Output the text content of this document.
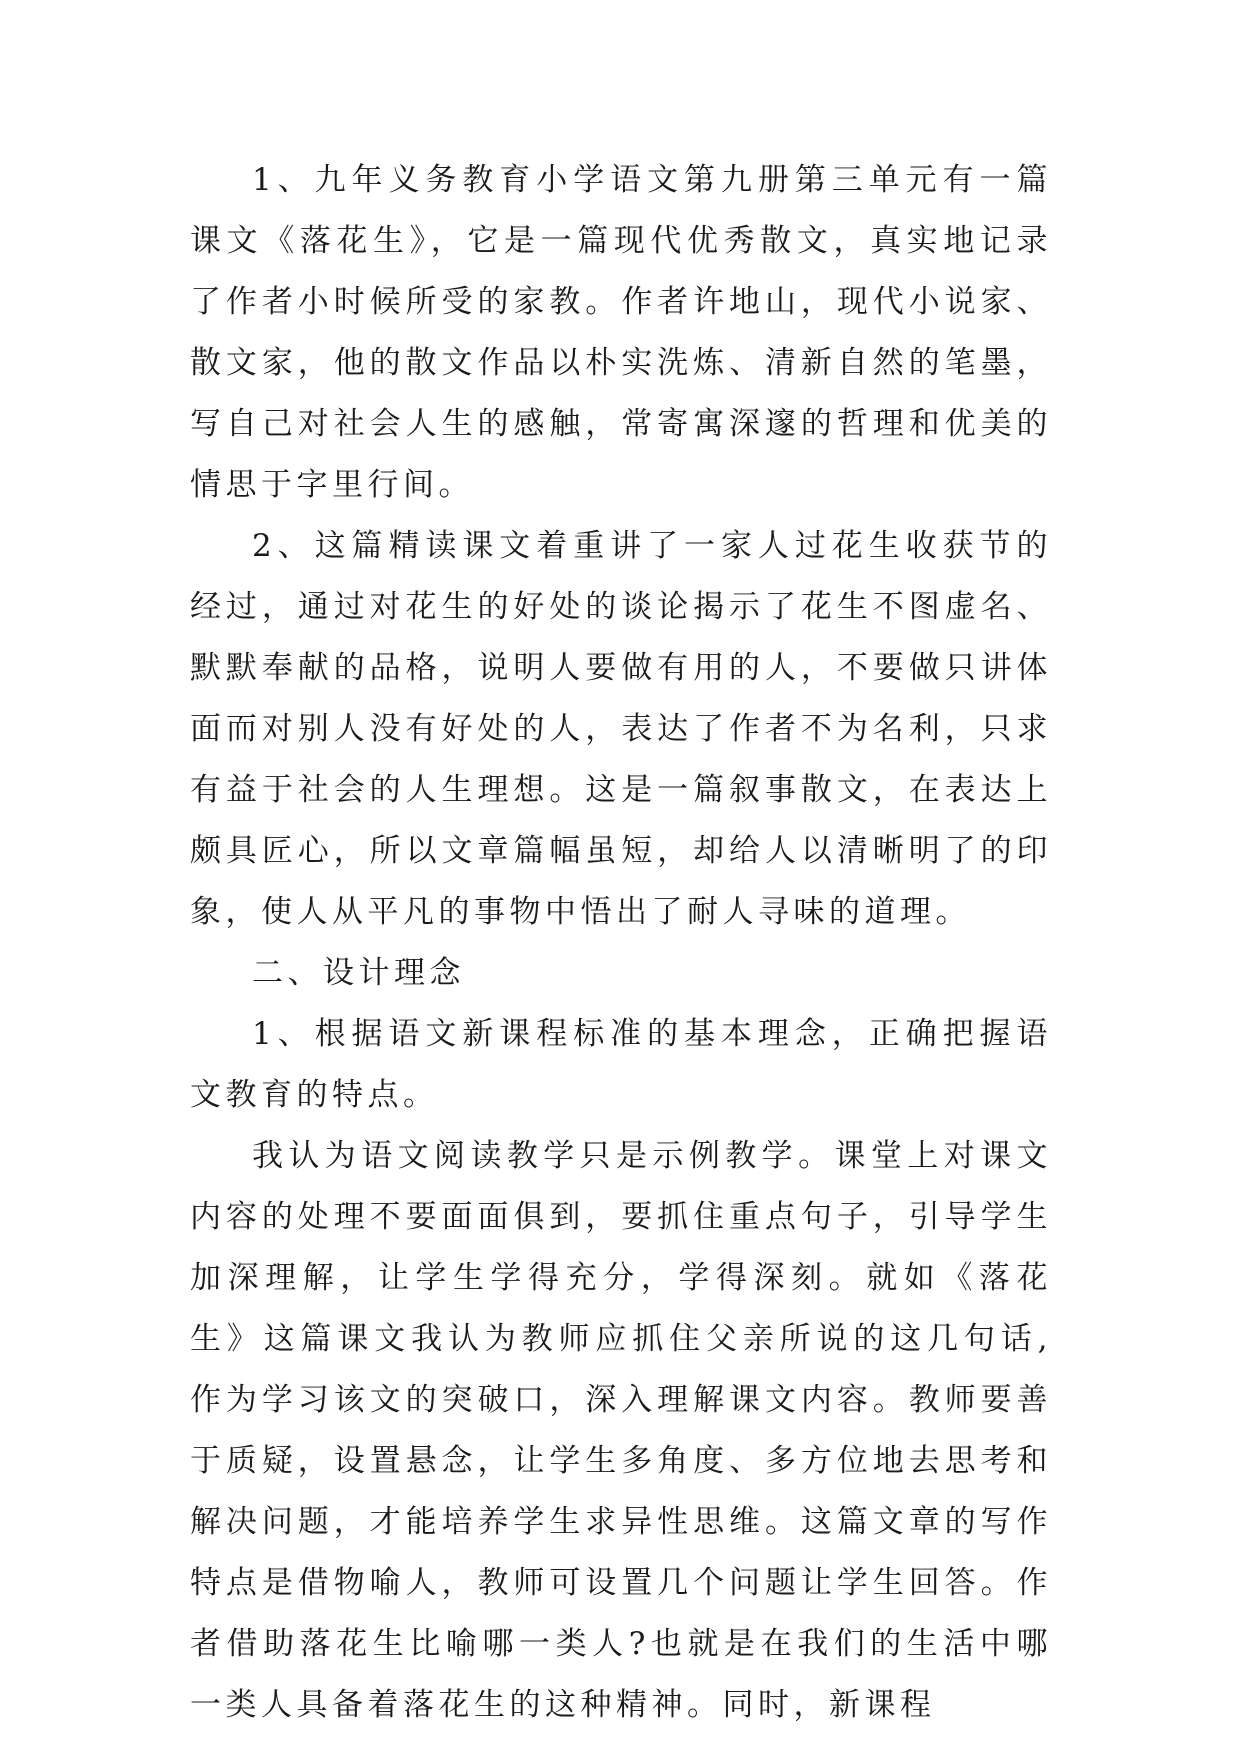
1、九年义务教育小学语文第九册第三单元有一篇课文《落花生》，它是一篇现代优秀散文，真实地记录了作者小时候所受的家教。作者许地山，现代小说家、散文家，他的散文作品以朴实洗炼、清新自然的笔墨，写自己对社会人生的感触，常寄寓深邃的哲理和优美的情思于字里行间。

2、这篇精读课文着重讲了一家人过花生收获节的经过，通过对花生的好处的谈论揭示了花生不图虚名、默默奉献的品格，说明人要做有用的人，不要做只讲体面而对别人没有好处的人，表达了作者不为名利，只求有益于社会的人生理想。这是一篇叙事散文，在表达上颇具匠心，所以文章篇幅虽短，却给人以清晰明了的印象，使人从平凡的事物中悟出了耐人寻味的道理。

二、设计理念

1、根据语文新课程标准的基本理念，正确把握语文教育的特点。

我认为语文阅读教学只是示例教学。课堂上对课文内容的处理不要面面俱到，要抓住重点句子，引导学生加深理解，让学生学得充分，学得深刻。就如《落花生》这篇课文我认为教师应抓住父亲所说的这几句话,作为学习该文的突破口，深入理解课文内容。教师要善于质疑，设置悬念，让学生多角度、多方位地去思考和解决问题，才能培养学生求异性思维。这篇文章的写作特点是借物喻人，教师可设置几个问题让学生回答。作者借助落花生比喻哪一类人?也就是在我们的生活中哪一类人具备着落花生的这种精神。同时，新课程
